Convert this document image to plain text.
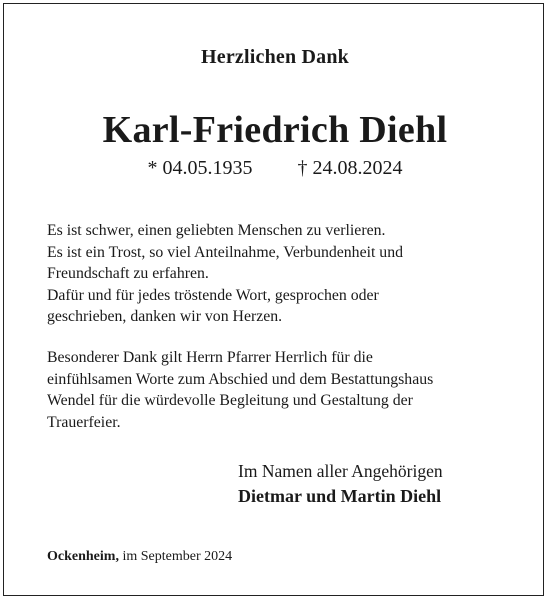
Herzlichen Dank
Karl-Friedrich Diehl
* 04.05.1935 † 24.08.2024
Es ist schwer, einen geliebten Menschen zu verlieren.
Es ist ein Trost, so viel Anteilnahme, Verbundenheit und
Freundschaft zu erfahren.
Dafür und für jedes tröstende Wort, gesprochen oder
geschrieben, danken wir von Herzen.
Besonderer Dank gilt Herrn Pfarrer Herrlich für die
einfühlsamen Worte zum Abschied und dem Bestattungshaus
Wendel für die würdevolle Begleitung und Gestaltung der
Trauerfeier.
Im Namen aller Angehörigen
Dietmar und Martin Diehl
Ockenheim, im September 2024
